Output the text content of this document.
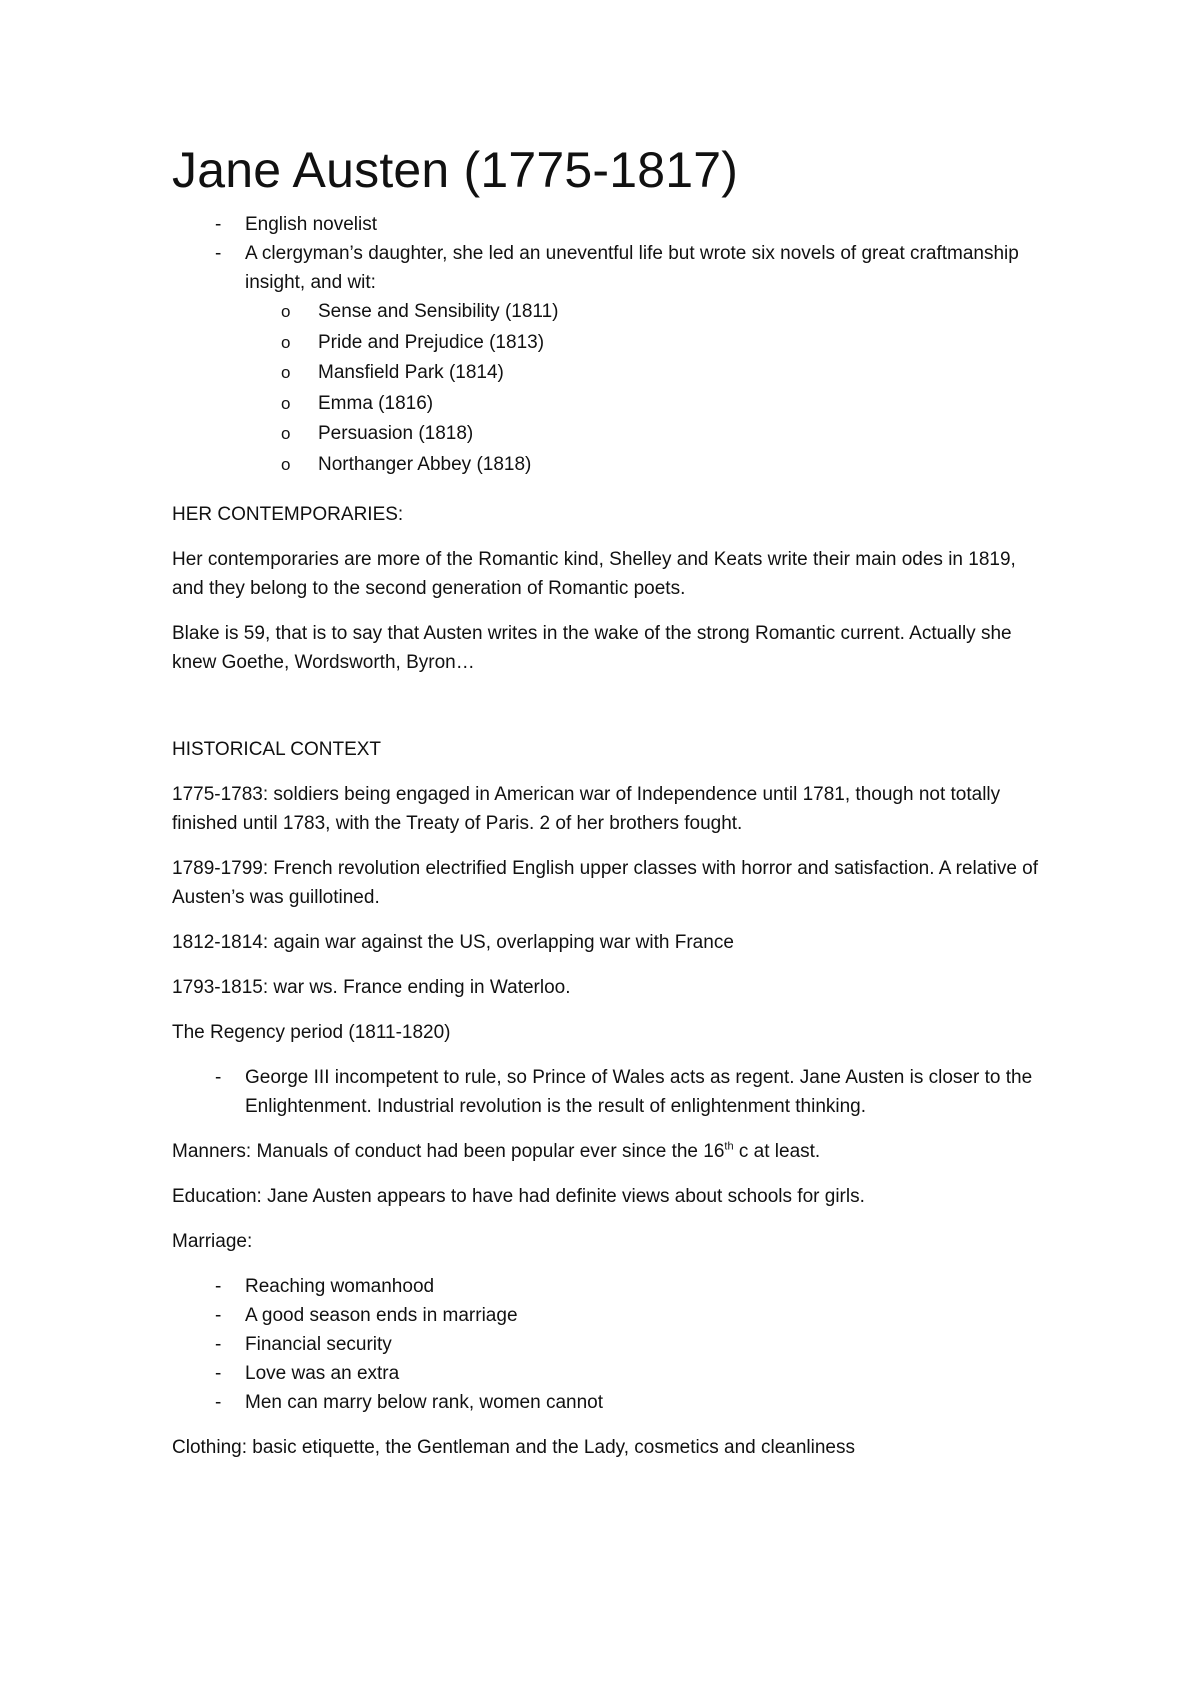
Jane Austen (1775-1817)
- English novelist
- A clergyman’s daughter, she led an uneventful life but wrote six novels of great craftmanship insight, and wit:
o Sense and Sensibility (1811)
o Pride and Prejudice (1813)
o Mansfield Park (1814)
o Emma (1816)
o Persuasion (1818)
o Northanger Abbey (1818)

HER CONTEMPORARIES:

Her contemporaries are more of the Romantic kind, Shelley and Keats write their main odes in 1819, and they belong to the second generation of Romantic poets.

Blake is 59, that is to say that Austen writes in the wake of the strong Romantic current. Actually she knew Goethe, Wordsworth, Byron…

HISTORICAL CONTEXT

1775-1783: soldiers being engaged in American war of Independence until 1781, though not totally finished until 1783, with the Treaty of Paris. 2 of her brothers fought.

1789-1799: French revolution electrified English upper classes with horror and satisfaction. A relative of Austen’s was guillotined.

1812-1814: again war against the US, overlapping war with France

1793-1815: war ws. France ending in Waterloo.

The Regency period (1811-1820)

- George III incompetent to rule, so Prince of Wales acts as regent. Jane Austen is closer to the Enlightenment. Industrial revolution is the result of enlightenment thinking.

Manners: Manuals of conduct had been popular ever since the 16th c at least.

Education: Jane Austen appears to have had definite views about schools for girls.

Marriage:

- Reaching womanhood
- A good season ends in marriage
- Financial security
- Love was an extra
- Men can marry below rank, women cannot

Clothing: basic etiquette, the Gentleman and the Lady, cosmetics and cleanliness
